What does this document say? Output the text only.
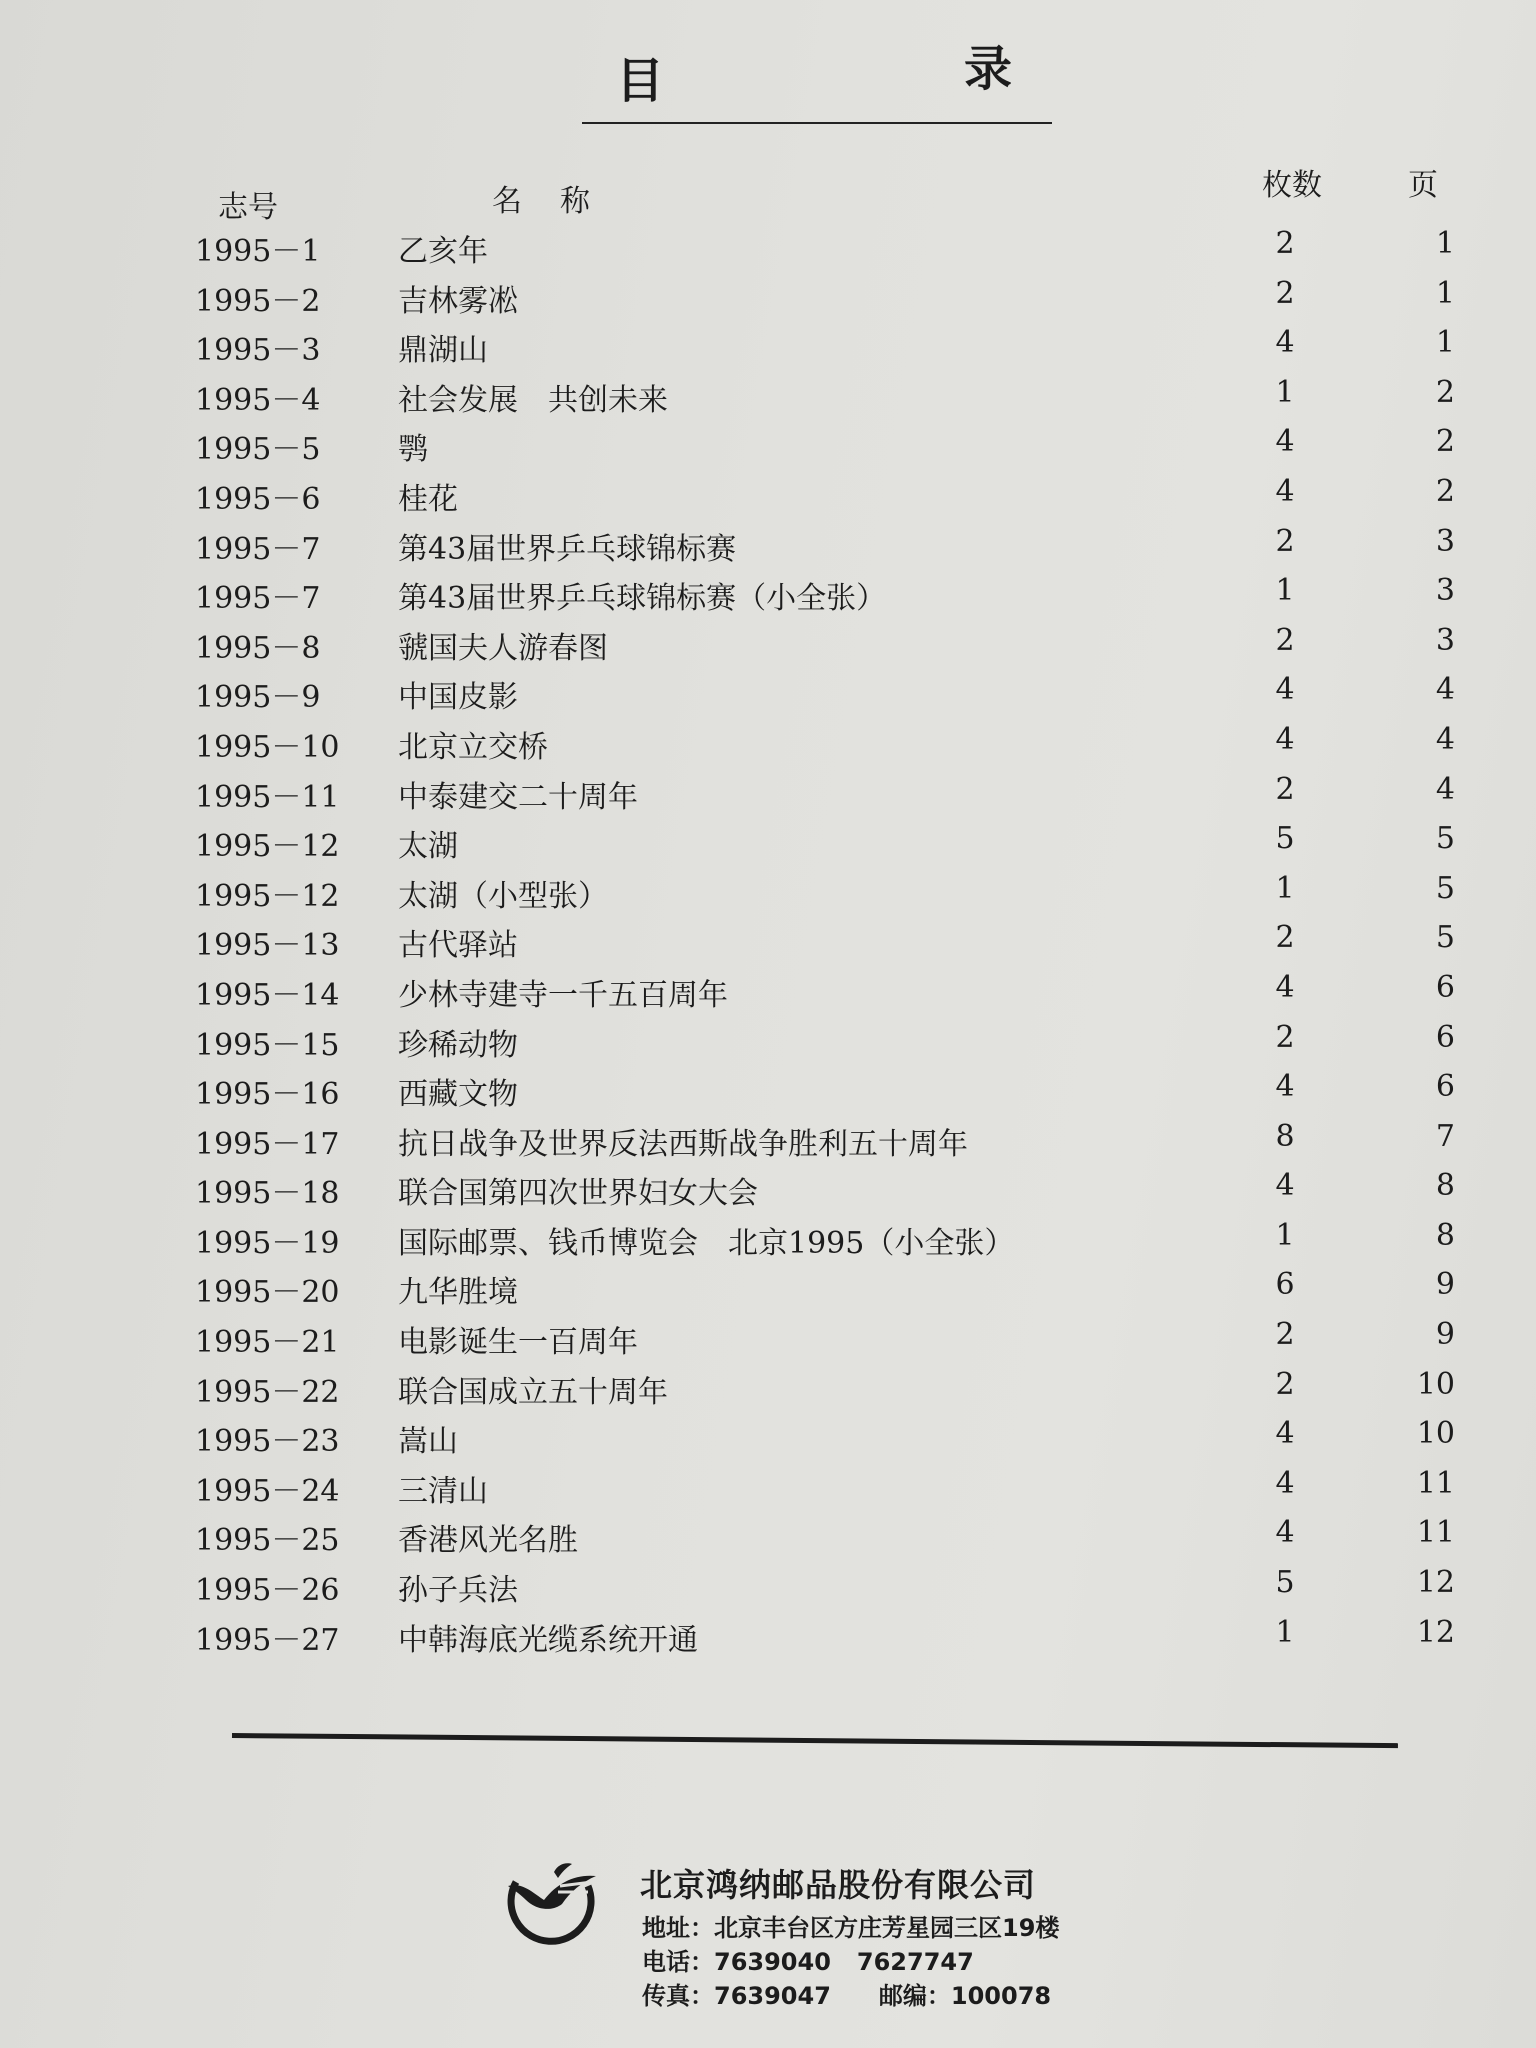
目	录
志号	名称	枚数	页
1995－1	乙亥年	2	1
1995－2	吉林雾凇	2	1
1995－3	鼎湖山	4	1
1995－4	社会发展　共创未来	1	2
1995－5	鹗	4	2
1995－6	桂花	4	2
1995－7	第43届世界乒乓球锦标赛	2	3
1995－7	第43届世界乒乓球锦标赛（小全张）	1	3
1995－8	虢国夫人游春图	2	3
1995－9	中国皮影	4	4
1995－10	北京立交桥	4	4
1995－11	中泰建交二十周年	2	4
1995－12	太湖	5	5
1995－12	太湖（小型张）	1	5
1995－13	古代驿站	2	5
1995－14	少林寺建寺一千五百周年	4	6
1995－15	珍稀动物	2	6
1995－16	西藏文物	4	6
1995－17	抗日战争及世界反法西斯战争胜利五十周年	8	7
1995－18	联合国第四次世界妇女大会	4	8
1995－19	国际邮票、钱币博览会　北京1995（小全张）	1	8
1995－20	九华胜境	6	9
1995－21	电影诞生一百周年	2	9
1995－22	联合国成立五十周年	2	10
1995－23	嵩山	4	10
1995－24	三清山	4	11
1995－25	香港风光名胜	4	11
1995－26	孙子兵法	5	12
1995－27	中韩海底光缆系统开通	1	12
北京鸿纳邮品股份有限公司
地址：北京丰台区方庄芳星园三区19楼
电话：7639040 7627747
传真：7639047 邮编：100078
